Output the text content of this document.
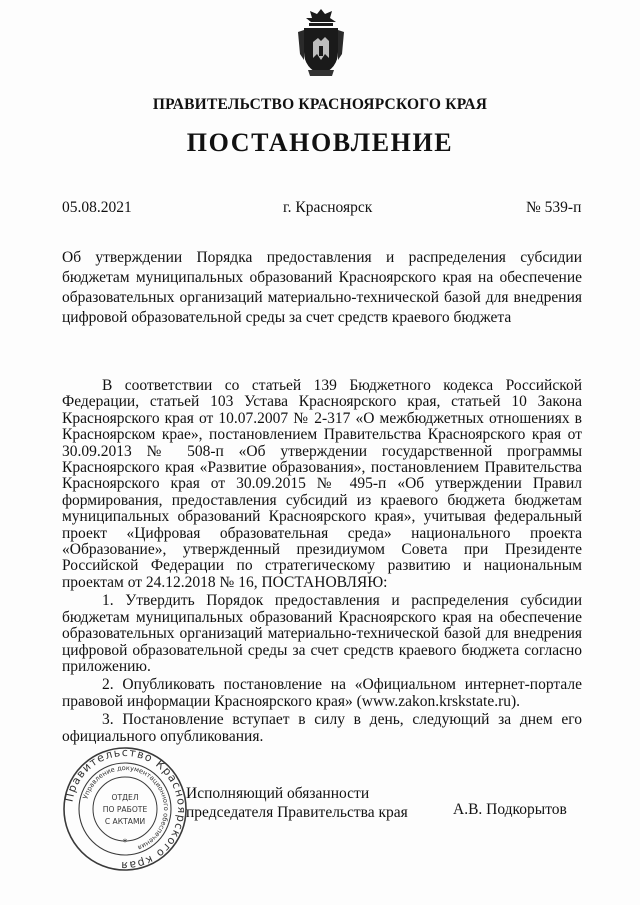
ПРАВИТЕЛЬСТВО КРАСНОЯРСКОГО КРАЯ
ПОСТАНОВЛЕНИЕ
05.08.2021	г. Красноярск	№ 539-п
Об утверждении Порядка предоставления и распределения субсидии бюджетам муниципальных образований Красноярского края на обеспечение образовательных организаций материально-технической базой для внедрения цифровой образовательной среды за счет средств краевого бюджета

В соответствии со статьей 139 Бюджетного кодекса Российской Федерации, статьей 103 Устава Красноярского края, статьей 10 Закона Красноярского края от 10.07.2007 № 2-317 «О межбюджетных отношениях в Красноярском крае», постановлением Правительства Красноярского края от 30.09.2013 № 508-п «Об утверждении государственной программы Красноярского края «Развитие образования», постановлением Правительства Красноярского края от 30.09.2015 № 495-п «Об утверждении Правил формирования, предоставления субсидий из краевого бюджета бюджетам муниципальных образований Красноярского края», учитывая федеральный проект «Цифровая образовательная среда» национального проекта «Образование», утвержденный президиумом Совета при Президенте Российской Федерации по стратегическому развитию и национальным проектам от 24.12.2018 № 16, ПОСТАНОВЛЯЮ:

1. Утвердить Порядок предоставления и распределения субсидии бюджетам муниципальных образований Красноярского края на обеспечение образовательных организаций материально-технической базой для внедрения цифровой образовательной среды за счет средств краевого бюджета согласно приложению.

2. Опубликовать постановление на «Официальном интернет-портале правовой информации Красноярского края» (www.zakon.krskstate.ru).

3. Постановление вступает в силу в день, следующий за днем его официального опубликования.

Правительство Красноярского края
Управление документационного обеспечения
ОТДЕЛ
ПО РАБОТЕ
С АКТАМИ
*
Исполняющий обязанности
председателя Правительства края	А.В. Подкорытов
